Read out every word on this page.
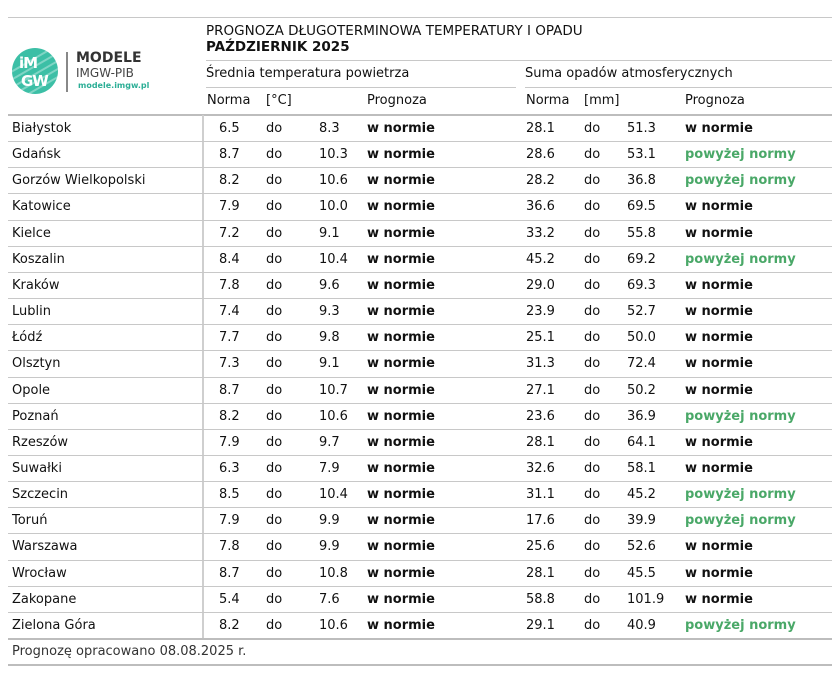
iM
GW
MODELE
IMGW-PIB
modele.imgw.pl
PROGNOZA DŁUGOTERMINOWA TEMPERATURY I OPADU
PAŹDZIERNIK 2025
Średnia temperatura powietrza	Suma opadów atmosferycznych
Norma [°C]	Prognoza	Norma [mm]	Prognoza
Białystok	6.5 do	8.3 w normie	28.1 do 51.3 w normie
Gdańsk	8.7 do	10.3 w normie	28.6 do 53.1 powyżej normy
Gorzów Wielkopolski	8.2 do	10.6 w normie	28.2 do 36.8 powyżej normy
Katowice	7.9 do	10.0 w normie	36.6 do 69.5 w normie
Kielce	7.2 do	9.1 w normie	33.2 do 55.8 w normie
Koszalin	8.4 do	10.4 w normie	45.2 do 69.2 powyżej normy
Kraków	7.8 do	9.6 w normie	29.0 do 69.3 w normie
Lublin	7.4 do	9.3 w normie	23.9 do 52.7 w normie
Łódź	7.7 do	9.8 w normie	25.1 do 50.0 w normie
Olsztyn	7.3 do	9.1 w normie	31.3 do 72.4 w normie
Opole	8.7 do	10.7 w normie	27.1 do 50.2 w normie
Poznań	8.2 do	10.6 w normie	23.6 do 36.9 powyżej normy
Rzeszów	7.9 do	9.7 w normie	28.1 do 64.1 w normie
Suwałki	6.3 do	7.9 w normie	32.6 do 58.1 w normie
Szczecin	8.5 do	10.4 w normie	31.1 do 45.2 powyżej normy
Toruń	7.9 do	9.9 w normie	17.6 do 39.9 powyżej normy
Warszawa	7.8 do	9.9 w normie	25.6 do 52.6 w normie
Wrocław	8.7 do	10.8 w normie	28.1 do 45.5 w normie
Zakopane	5.4 do	7.6 w normie	58.8 do 101.9 w normie
Zielona Góra	8.2 do	10.6 w normie	29.1 do 40.9 powyżej normy
Prognozę opracowano 08.08.2025 r.
